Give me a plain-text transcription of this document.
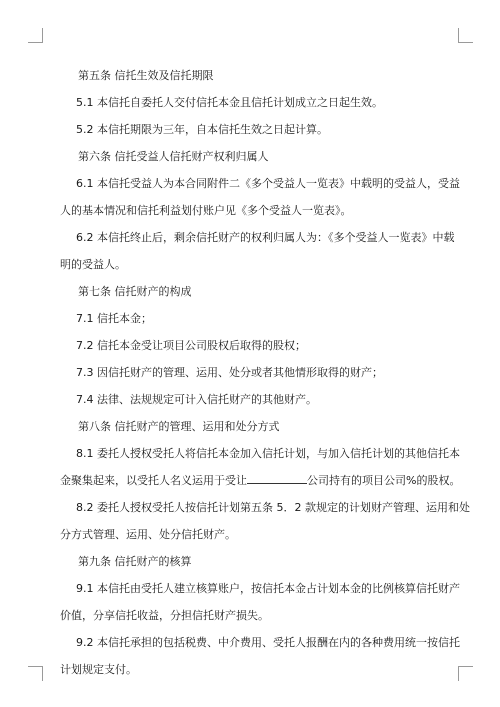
第五条 信托生效及信托期限

5.1 本信托自委托人交付信托本金且信托计划成立之日起生效。

5.2 本信托期限为三年，自本信托生效之日起计算。

第六条 信托受益人信托财产权利归属人

6.1 本信托受益人为本合同附件二《多个受益人一览表》中载明的受益人，受益

人的基本情况和信托利益划付账户见《多个受益人一览表》。

6.2 本信托终止后，剩余信托财产的权利归属人为：《多个受益人一览表》中载

明的受益人。

第七条 信托财产的构成

7.1 信托本金；

7.2 信托本金受让项目公司股权后取得的股权；

7.3 因信托财产的管理、运用、处分或者其他情形取得的财产；

7.4 法律、法规规定可计入信托财产的其他财产。

第八条 信托财产的管理、运用和处分方式

8.1 委托人授权受托人将信托本金加入信托计划，与加入信托计划的其他信托本

金聚集起来，以受托人名义运用于受让	公司持有的项目公司%的股权。

8.2 委托人授权受托人按信托计划第五条 5．2 款规定的计划财产管理、运用和处

分方式管理、运用、处分信托财产。

第九条 信托财产的核算

9.1 本信托由受托人建立核算账户，按信托本金占计划本金的比例核算信托财产

价值，分享信托收益，分担信托财产损失。

9.2 本信托承担的包括税费、中介费用、受托人报酬在内的各种费用统一按信托

计划规定支付。
